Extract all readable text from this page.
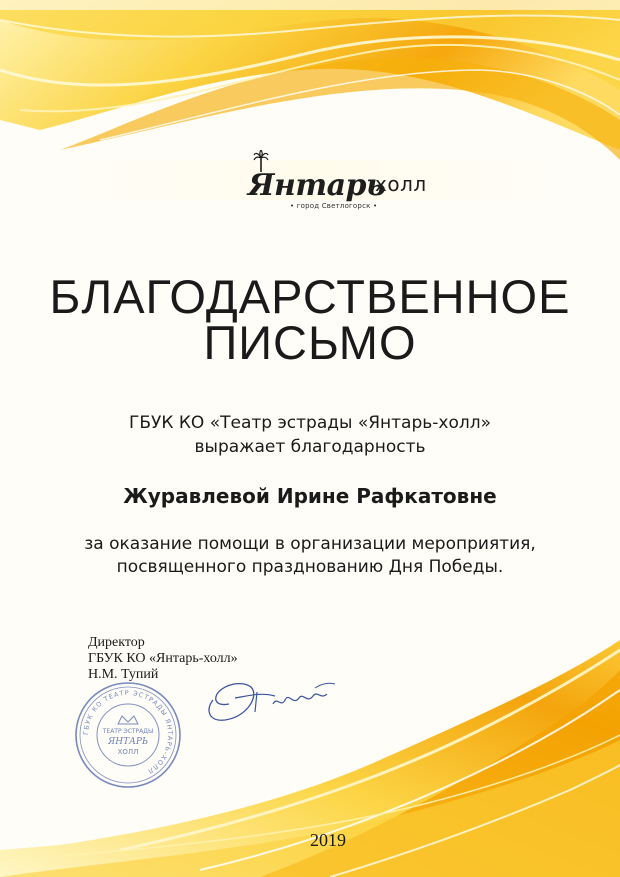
Янтарь
холл
• город Светлогорск •
БЛАГОДАРСТВЕННОЕ
ПИСЬМО
ГБУК КО «Театр эстрады «Янтарь-холл»
выражает благодарность
Журавлевой Ирине Рафкатовне
за оказание помощи в организации мероприятия,
посвященного празднованию Дня Победы.
Директор
ГБУК КО «Янтарь-холл»
Н.М. Тупий
ГБУК КО ТЕАТР ЭСТРАДЫ ЯНТАРЬ-ХОЛЛ
ТЕАТР ЭСТРАДЫ
ЯНТАРЬ
ХОЛЛ
2019
